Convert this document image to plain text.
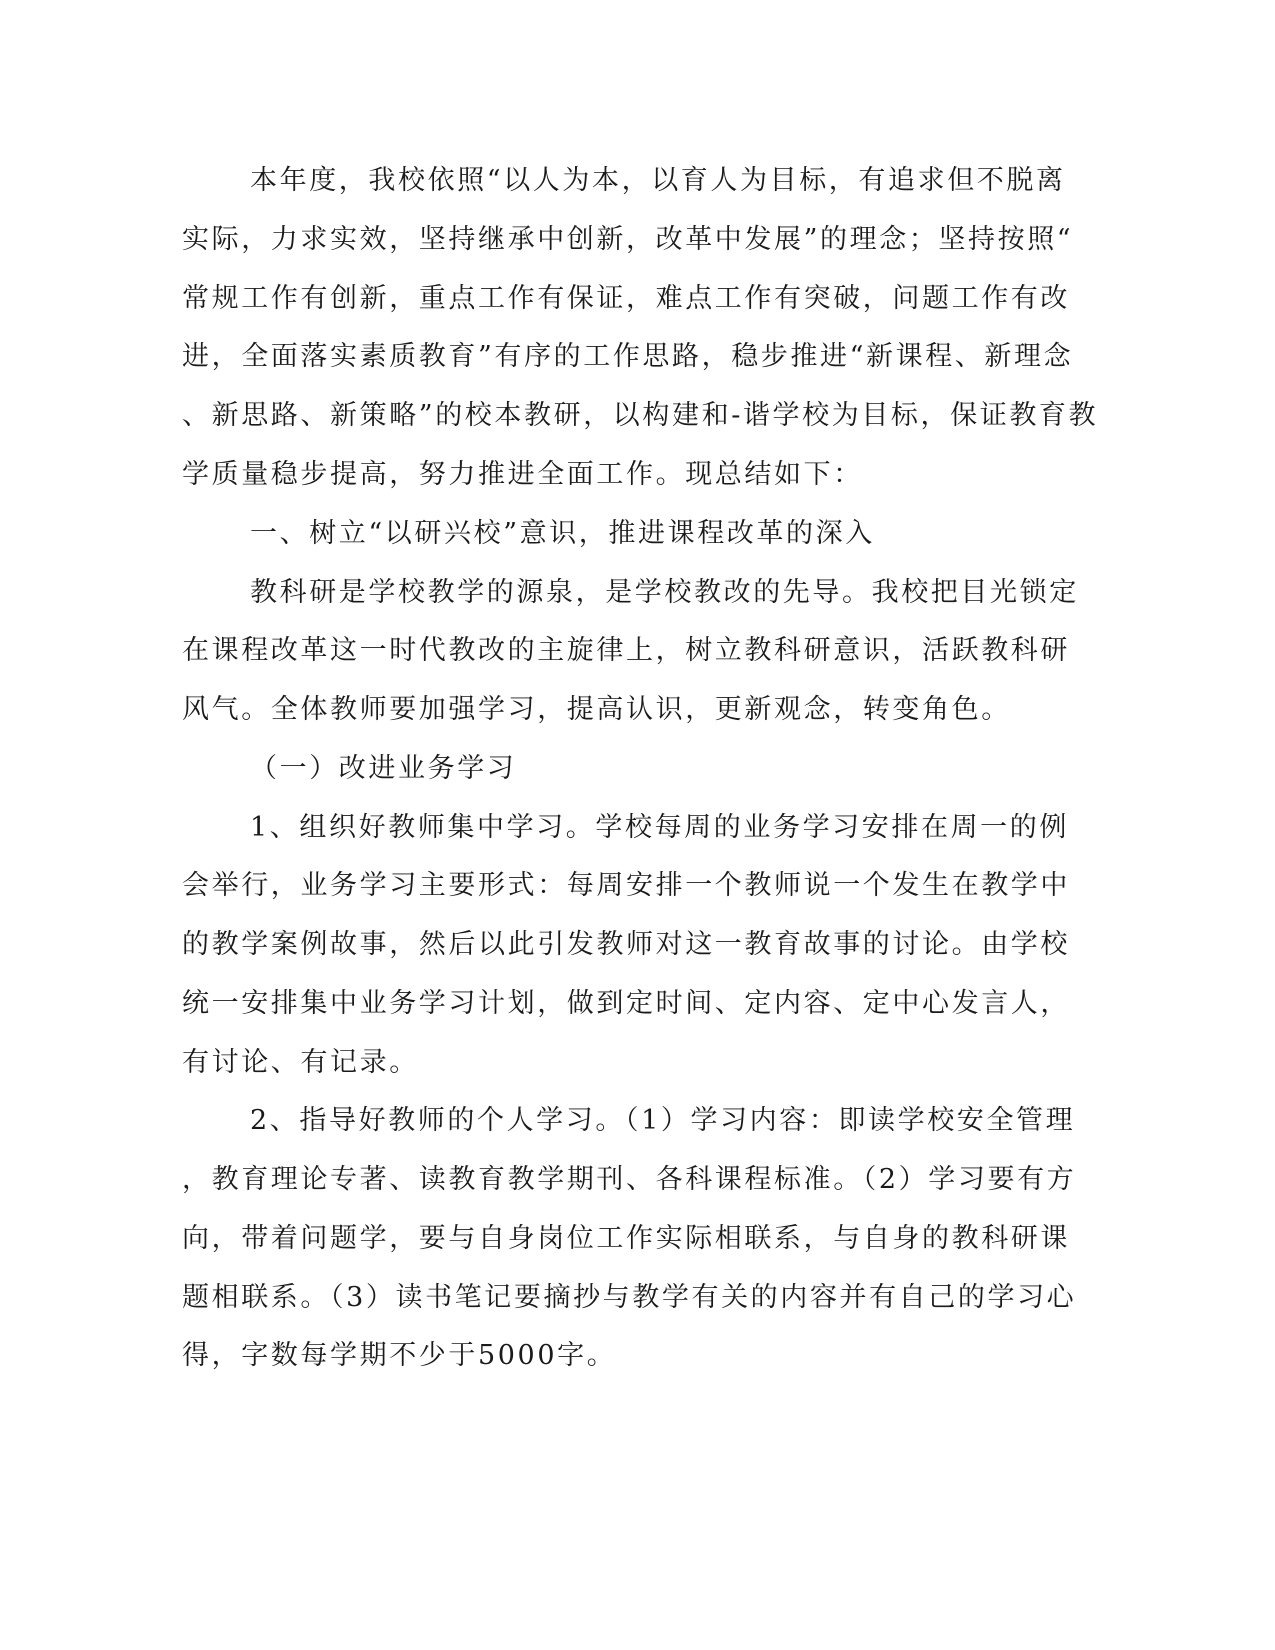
本年度，我校依照“以人为本，以育人为目标，有追求但不脱离
实际，力求实效，坚持继承中创新，改革中发展”的理念；坚持按照“
常规工作有创新，重点工作有保证，难点工作有突破，问题工作有改
进，全面落实素质教育”有序的工作思路，稳步推进“新课程、新理念
、新思路、新策略”的校本教研，以构建和-谐学校为目标，保证教育教
学质量稳步提高，努力推进全面工作。现总结如下：
一、树立“以研兴校”意识，推进课程改革的深入
教科研是学校教学的源泉，是学校教改的先导。我校把目光锁定
在课程改革这一时代教改的主旋律上，树立教科研意识，活跃教科研
风气。全体教师要加强学习，提高认识，更新观念，转变角色。
（一）改进业务学习
1、组织好教师集中学习。学校每周的业务学习安排在周一的例
会举行，业务学习主要形式：每周安排一个教师说一个发生在教学中
的教学案例故事，然后以此引发教师对这一教育故事的讨论。由学校
统一安排集中业务学习计划，做到定时间、定内容、定中心发言人，
有讨论、有记录。
2、指导好教师的个人学习。（1）学习内容：即读学校安全管理
，教育理论专著、读教育教学期刊、各科课程标准。（2）学习要有方
向，带着问题学，要与自身岗位工作实际相联系，与自身的教科研课
题相联系。（3）读书笔记要摘抄与教学有关的内容并有自己的学习心
得，字数每学期不少于5000字。
